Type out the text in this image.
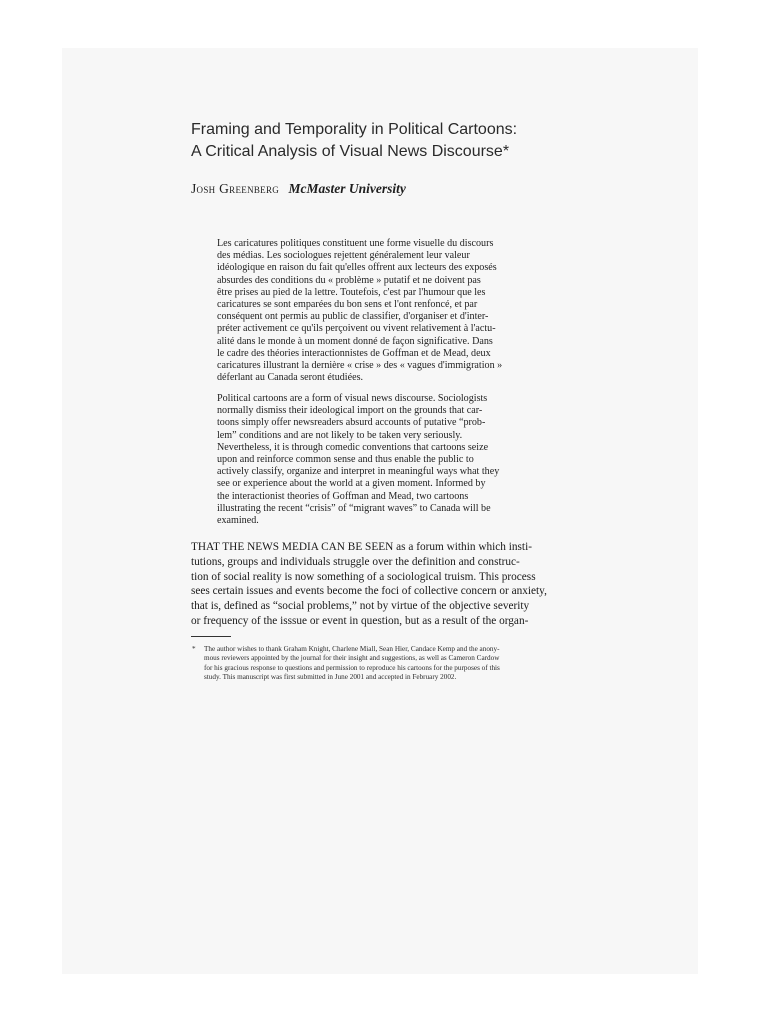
Framing and Temporality in Political Cartoons:
A Critical Analysis of Visual News Discourse*
Josh Greenberg McMaster University
Les caricatures politiques constituent une forme visuelle du discours
des médias. Les sociologues rejettent généralement leur valeur
idéologique en raison du fait qu'elles offrent aux lecteurs des exposés
absurdes des conditions du « problème » putatif et ne doivent pas
être prises au pied de la lettre. Toutefois, c'est par l'humour que les
caricatures se sont emparées du bon sens et l'ont renfoncé, et par
conséquent ont permis au public de classifier, d'organiser et d'inter-
préter activement ce qu'ils perçoivent ou vivent relativement à l'actu-
alité dans le monde à un moment donné de façon significative. Dans
le cadre des théories interactionnistes de Goffman et de Mead, deux
caricatures illustrant la dernière « crise » des « vagues d'immigration »
déferlant au Canada seront étudiées.
Political cartoons are a form of visual news discourse. Sociologists
normally dismiss their ideological import on the grounds that car-
toons simply offer newsreaders absurd accounts of putative “prob-
lem” conditions and are not likely to be taken very seriously.
Nevertheless, it is through comedic conventions that cartoons seize
upon and reinforce common sense and thus enable the public to
actively classify, organize and interpret in meaningful ways what they
see or experience about the world at a given moment. Informed by
the interactionist theories of Goffman and Mead, two cartoons
illustrating the recent “crisis” of “migrant waves” to Canada will be
examined.
THAT THE NEWS MEDIA CAN BE SEEN as a forum within which insti-
tutions, groups and individuals struggle over the definition and construc-
tion of social reality is now something of a sociological truism. This process
sees certain issues and events become the foci of collective concern or anxiety,
that is, defined as “social problems,” not by virtue of the objective severity
or frequency of the isssue or event in question, but as a result of the organ-
* The author wishes to thank Graham Knight, Charlene Miall, Sean Hier, Candace Kemp and the anony-
mous reviewers appointed by the journal for their insight and suggestions, as well as Cameron Cardow
for his gracious response to questions and permission to reproduce his cartoons for the purposes of this
study. This manuscript was first submitted in June 2001 and accepted in February 2002.
